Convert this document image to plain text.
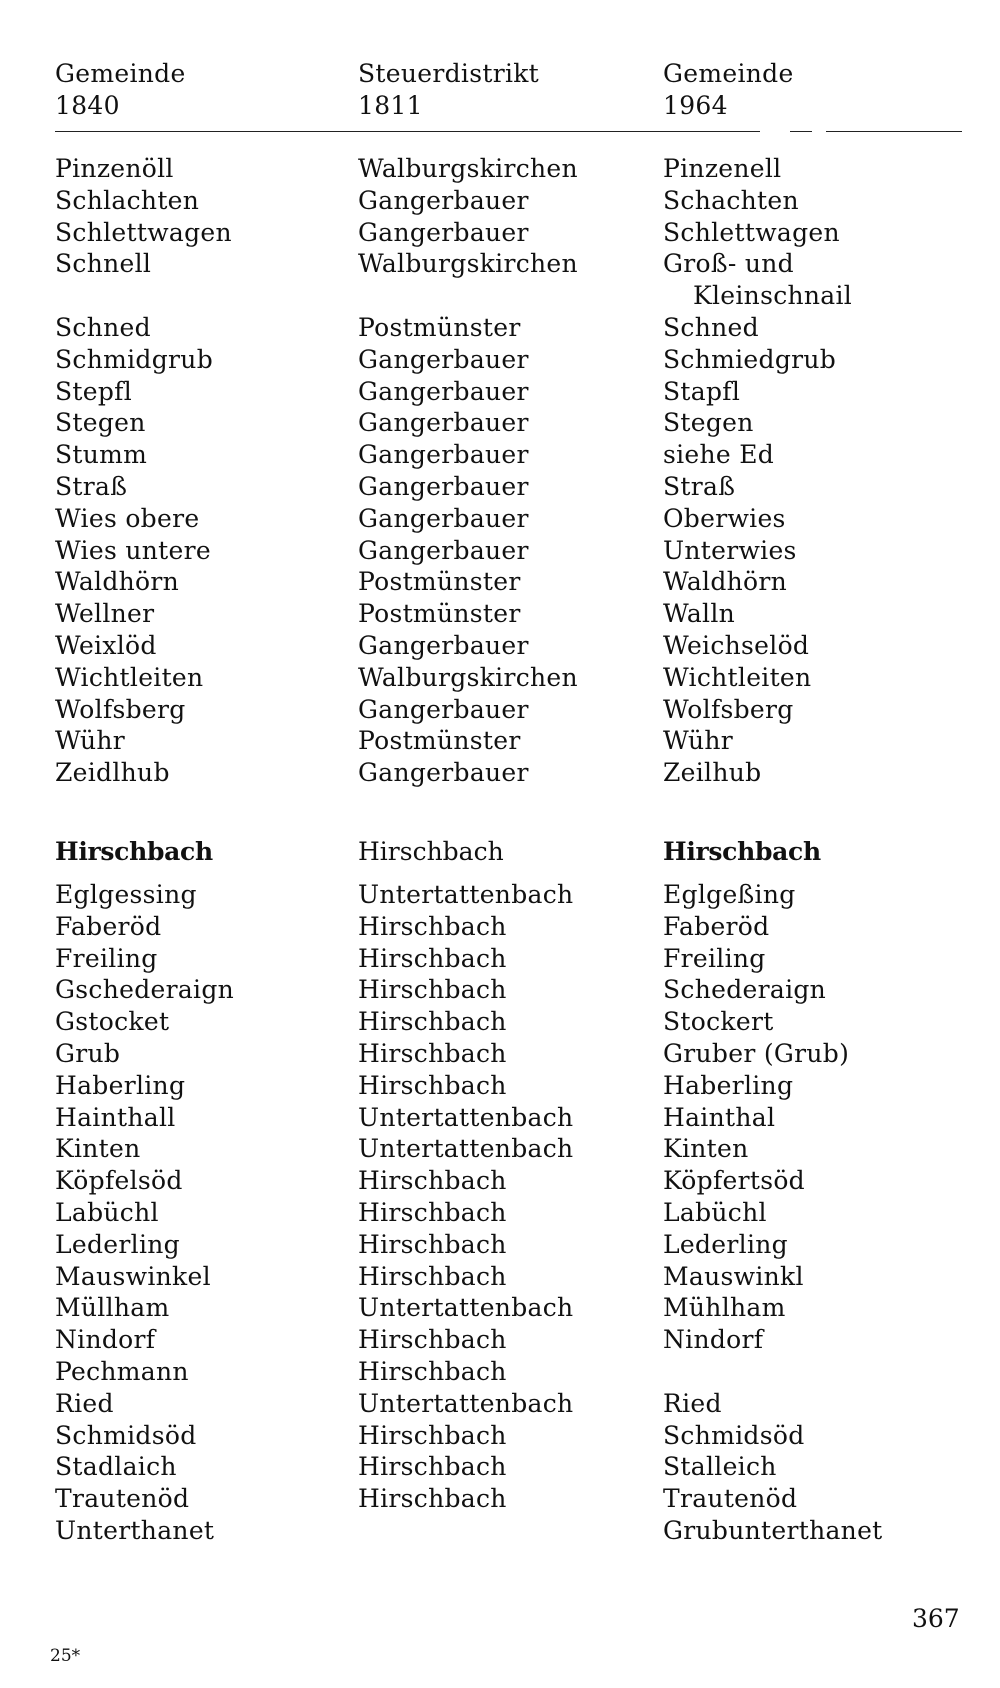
Gemeinde
1840
Steuerdistrikt
1811
Gemeinde
1964
Pinzenöll
Schlachten
Schlettwagen
Schnell
Schned
Schmidgrub
Stepfl
Stegen
Stumm
Straß
Wies obere
Wies untere
Waldhörn
Wellner
Weixlöd
Wichtleiten
Wolfsberg
Wühr
Zeidlhub
Walburgskirchen
Gangerbauer
Gangerbauer
Walburgskirchen
Postmünster
Gangerbauer
Gangerbauer
Gangerbauer
Gangerbauer
Gangerbauer
Gangerbauer
Gangerbauer
Postmünster
Postmünster
Gangerbauer
Walburgskirchen
Gangerbauer
Postmünster
Gangerbauer
Pinzenell
Schachten
Schlettwagen
Groß- und
Kleinschnail
Schned
Schmiedgrub
Stapfl
Stegen
siehe Ed
Straß
Oberwies
Unterwies
Waldhörn
Walln
Weichselöd
Wichtleiten
Wolfsberg
Wühr
Zeilhub
Hirschbach	Hirschbach	Hirschbach
Eglgessing
Faberöd
Freiling
Gschederaign
Gstocket
Grub
Haberling
Hainthall
Kinten
Köpfelsöd
Labüchl
Lederling
Mauswinkel
Müllham
Nindorf
Pechmann
Ried
Schmidsöd
Stadlaich
Trautenöd
Unterthanet
Untertattenbach
Hirschbach
Hirschbach
Hirschbach
Hirschbach
Hirschbach
Hirschbach
Untertattenbach
Untertattenbach
Hirschbach
Hirschbach
Hirschbach
Hirschbach
Untertattenbach
Hirschbach
Hirschbach
Untertattenbach
Hirschbach
Hirschbach
Hirschbach
Eglgeßing
Faberöd
Freiling
Schederaign
Stockert
Gruber (Grub)
Haberling
Hainthal
Kinten
Köpfertsöd
Labüchl
Lederling
Mauswinkl
Mühlham
Nindorf
Ried
Schmidsöd
Stalleich
Trautenöd
Grubunterthanet
367
25*
